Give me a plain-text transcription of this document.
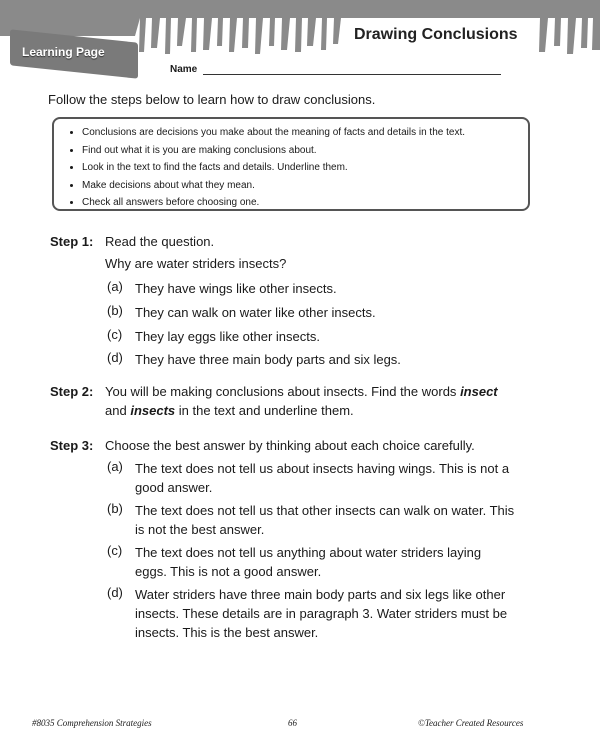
Learning Page
Drawing Conclusions
Name
Follow the steps below to learn how to draw conclusions.
• Conclusions are decisions you make about the meaning of facts and details in the text.
• Find out what it is you are making conclusions about.
• Look in the text to find the facts and details. Underline them.
• Make decisions about what they mean.
• Check all answers before choosing one.
Step 1: Read the question.
Why are water striders insects?
(a) They have wings like other insects.
(b) They can walk on water like other insects.
(c) They lay eggs like other insects.
(d) They have three main body parts and six legs.
Step 2: You will be making conclusions about insects. Find the words insect
and insects in the text and underline them.
Step 3: Choose the best answer by thinking about each choice carefully.
(a) The text does not tell us about insects having wings. This is not a good answer.
(b) The text does not tell us that other insects can walk on water. This is not the best answer.
(c) The text does not tell us anything about water striders laying eggs. This is not a good answer.
(d) Water striders have three main body parts and six legs like other insects. These details are in paragraph 3. Water striders must be insects. This is the best answer.
#8035 Comprehension Strategies	66	©Teacher Created Resources
